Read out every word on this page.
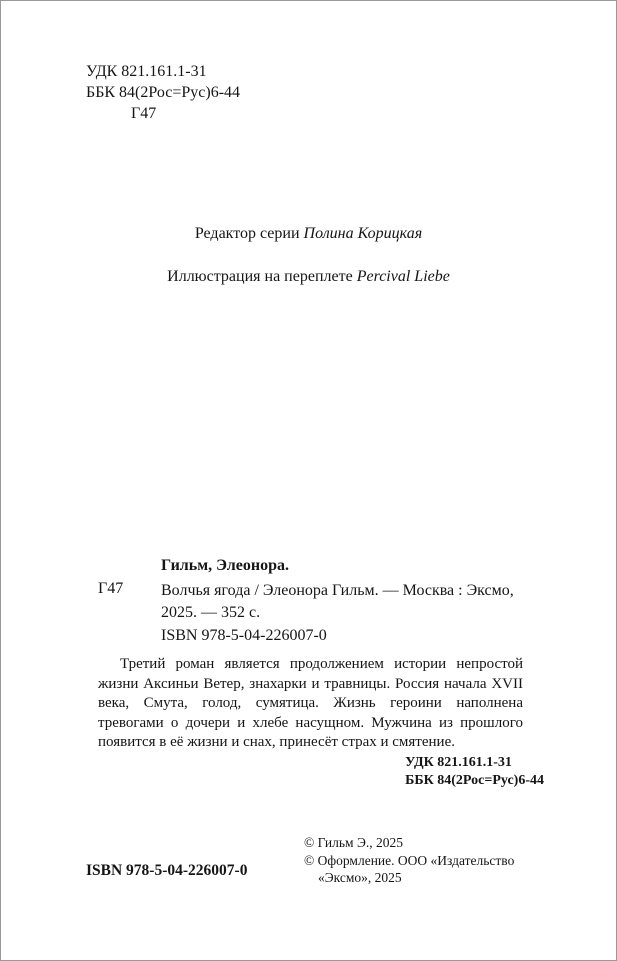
УДК 821.161.1-31
ББК 84(2Рос=Рус)6-44
Г47
Редактор серии Полина Корицкая
Иллюстрация на переплете Percival Liebe
Гильм, Элеонора.
Г47 Волчья ягода / Элеонора Гильм. — Москва : Эксмо,
2025. — 352 с.
ISBN 978-5-04-226007-0
Третий роман является продолжением истории непростой жизни Аксиньи Ветер, знахарки и травницы. Россия начала XVII века, Смута, голод, сумятица. Жизнь героини наполнена тревогами о дочери и хлебе насущном. Мужчина из прошлого появится в её жизни и снах, принесёт страх и смятение.
УДК 821.161.1-31
ББК 84(2Рос=Рус)6-44
ISBN 978-5-04-226007-0
© Гильм Э., 2025
© Оформление. ООО «Издательство «Эксмо», 2025
